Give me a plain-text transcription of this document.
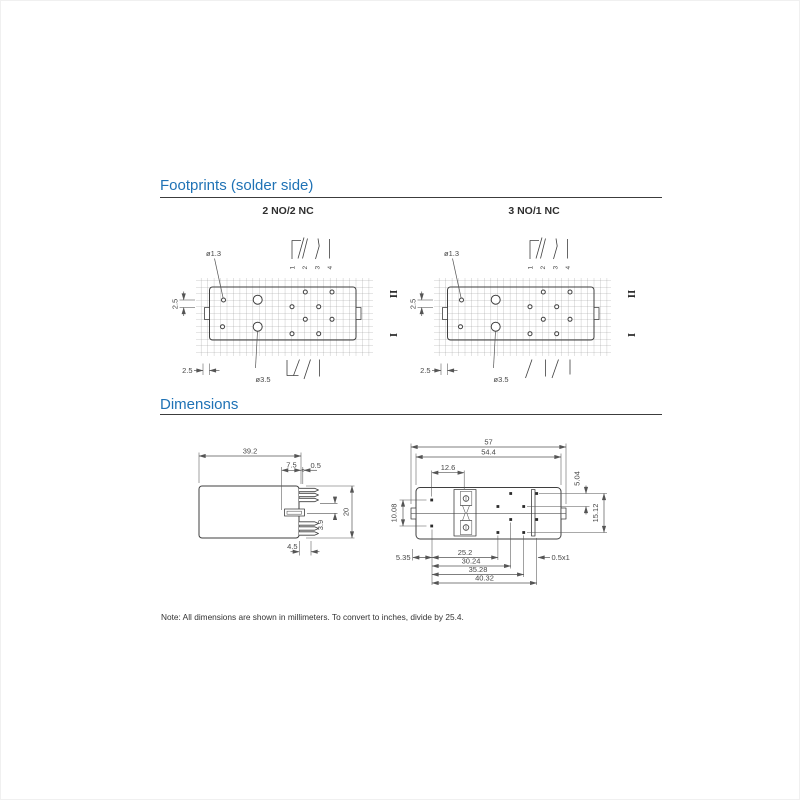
Footprints (solder side)
Dimensions
Note: All dimensions are shown in millimeters. To convert to inches, divide by 25.4.
2 NO/2 NC
ø1.3
ø3.5
2.5
2.5
II
I
1 2 3 4
3 NO/1 NC
ø1.3
ø3.5
2.5
2.5
II
I
1 2 3 4
39.2
7.5 0.5
20
3.9
4.5
57
54.4
12.6
5.04
15.12
10.08
25.2
30.24
35.28
40.32
5.35	0.5x1
